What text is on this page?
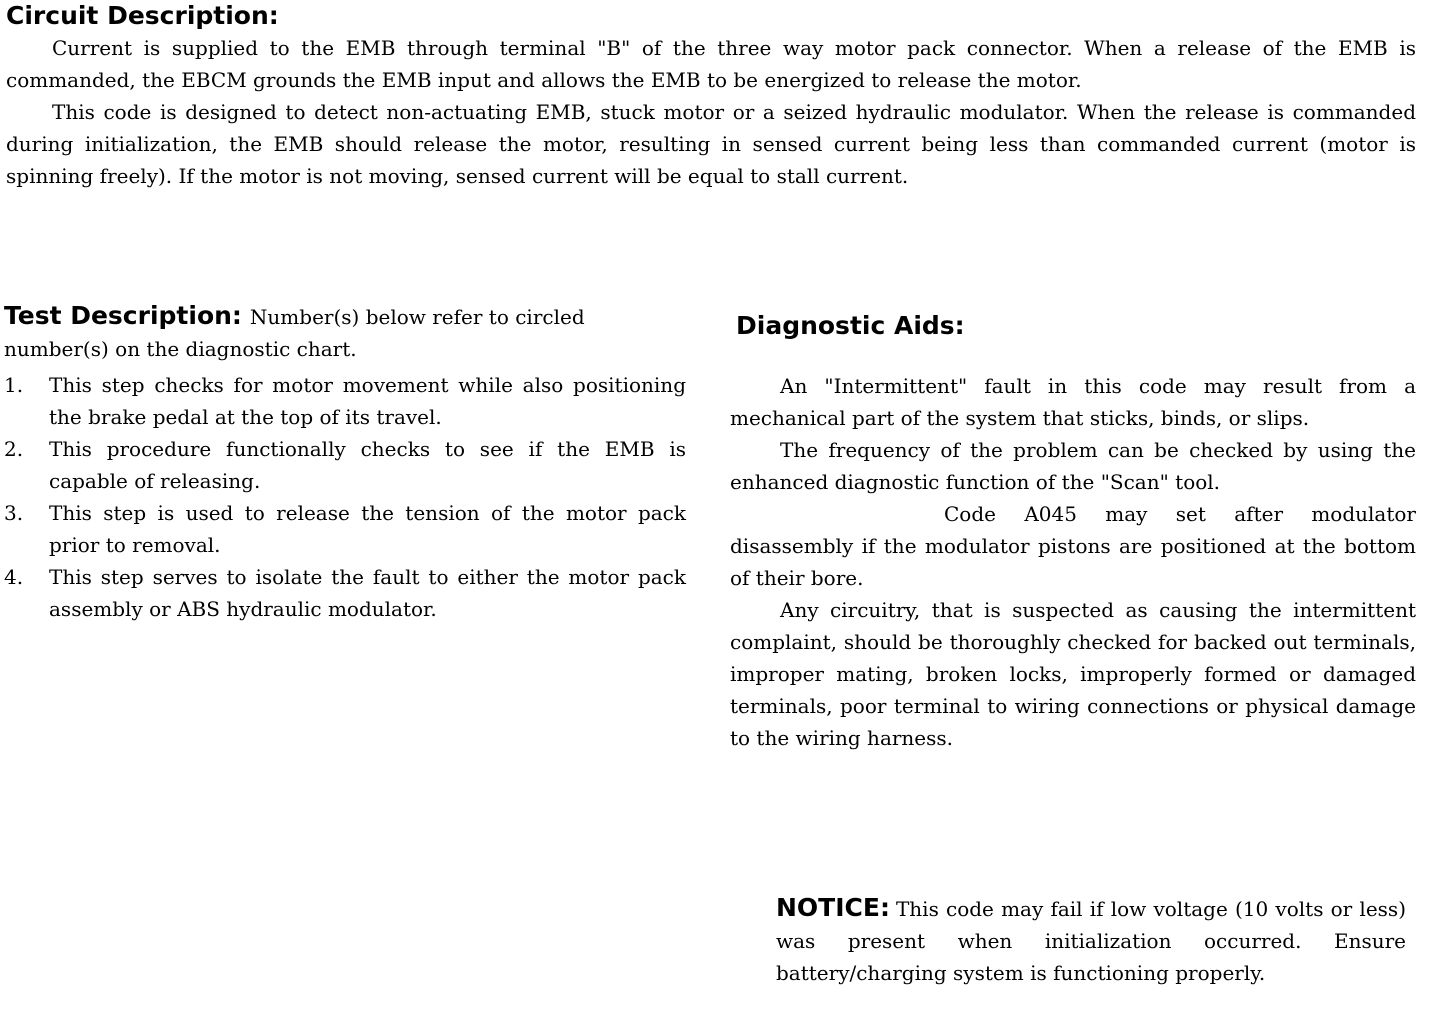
Circuit Description:

Current is supplied to the EMB through terminal "B" of the three way motor pack connector. When a release of the EMB is commanded, the EBCM grounds the EMB input and allows the EMB to be energized to release the motor.

This code is designed to detect non-actuating EMB, stuck motor or a seized hydraulic modulator. When the release is commanded during initialization, the EMB should release the motor, resulting in sensed current being less than commanded current (motor is spinning freely). If the motor is not moving, sensed current will be equal to stall current.

Test Description: Number(s) below refer to circled number(s) on the diagnostic chart.

1. This step checks for motor movement while also positioning the brake pedal at the top of its travel.
2. This procedure functionally checks to see if the EMB is capable of releasing.
3. This step is used to release the tension of the motor pack prior to removal.
4. This step serves to isolate the fault to either the motor pack assembly or ABS hydraulic modulator.
Diagnostic Aids:

An "Intermittent" fault in this code may result from a mechanical part of the system that sticks, binds, or slips.

The frequency of the problem can be checked by using the enhanced diagnostic function of the "Scan" tool.

Code A045 may set after modulator disassembly if the modulator pistons are positioned at the bottom of their bore.

Any circuitry, that is suspected as causing the intermittent complaint, should be thoroughly checked for backed out terminals, improper mating, broken locks, improperly formed or damaged terminals, poor terminal to wiring connections or physical damage to the wiring harness.

NOTICE: This code may fail if low voltage (10 volts or less) was present when initialization occurred. Ensure battery/charging system is functioning properly.
